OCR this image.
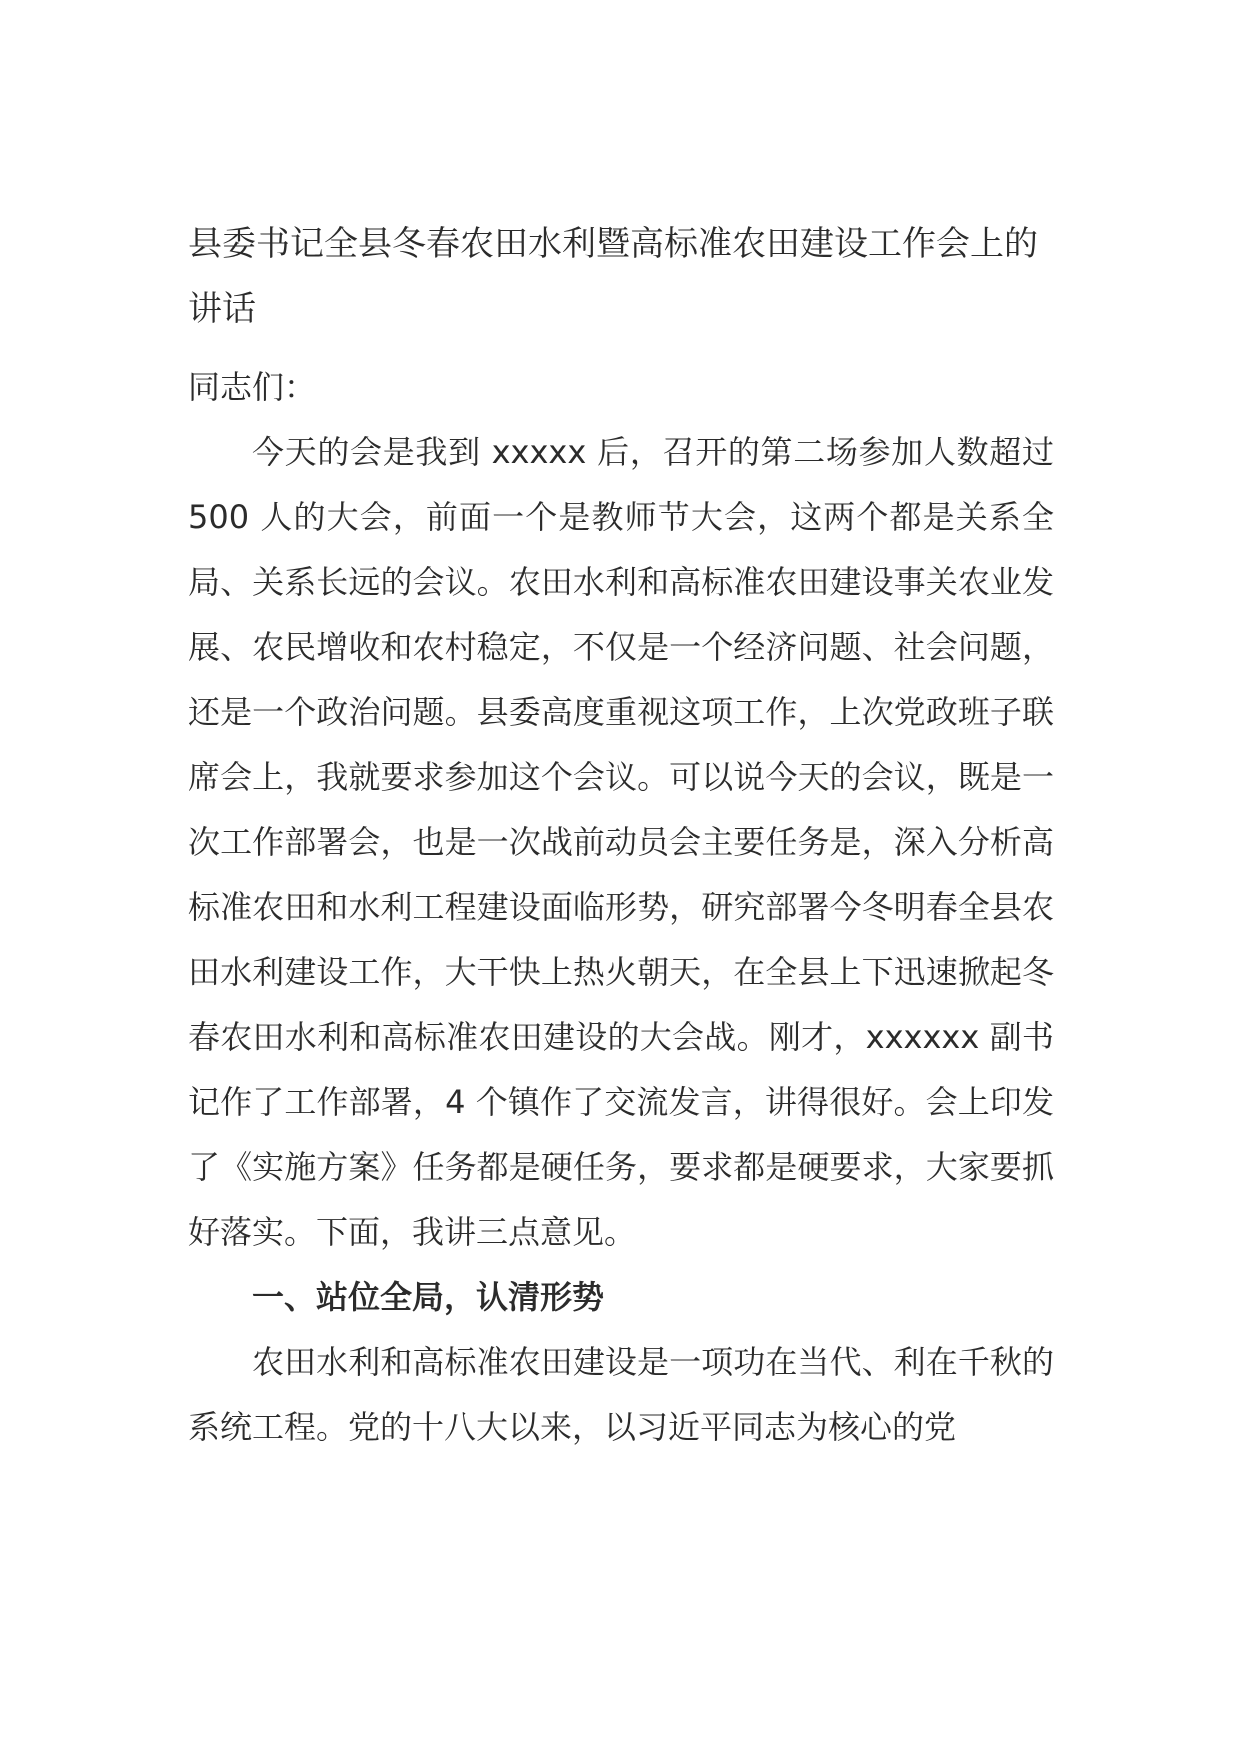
县委书记全县冬春农田水利暨高标准农田建设工作会上的讲话

同志们：

今天的会是我到 xxxxx 后，召开的第二场参加人数超过 500 人的大会，前面一个是教师节大会，这两个都是关系全局、关系长远的会议。农田水利和高标准农田建设事关农业发展、农民增收和农村稳定，不仅是一个经济问题、社会问题，还是一个政治问题。县委高度重视这项工作，上次党政班子联席会上，我就要求参加这个会议。可以说今天的会议，既是一次工作部署会，也是一次战前动员会主要任务是，深入分析高标准农田和水利工程建设面临形势，研究部署今冬明春全县农田水利建设工作，大干快上热火朝天，在全县上下迅速掀起冬春农田水利和高标准农田建设的大会战。刚才，xxxxxx 副书记作了工作部署，4 个镇作了交流发言，讲得很好。会上印发了《实施方案》任务都是硬任务，要求都是硬要求，大家要抓好落实。下面，我讲三点意见。

一、站位全局，认清形势

农田水利和高标准农田建设是一项功在当代、利在千秋的系统工程。党的十八大以来，以习近平同志为核心的党
